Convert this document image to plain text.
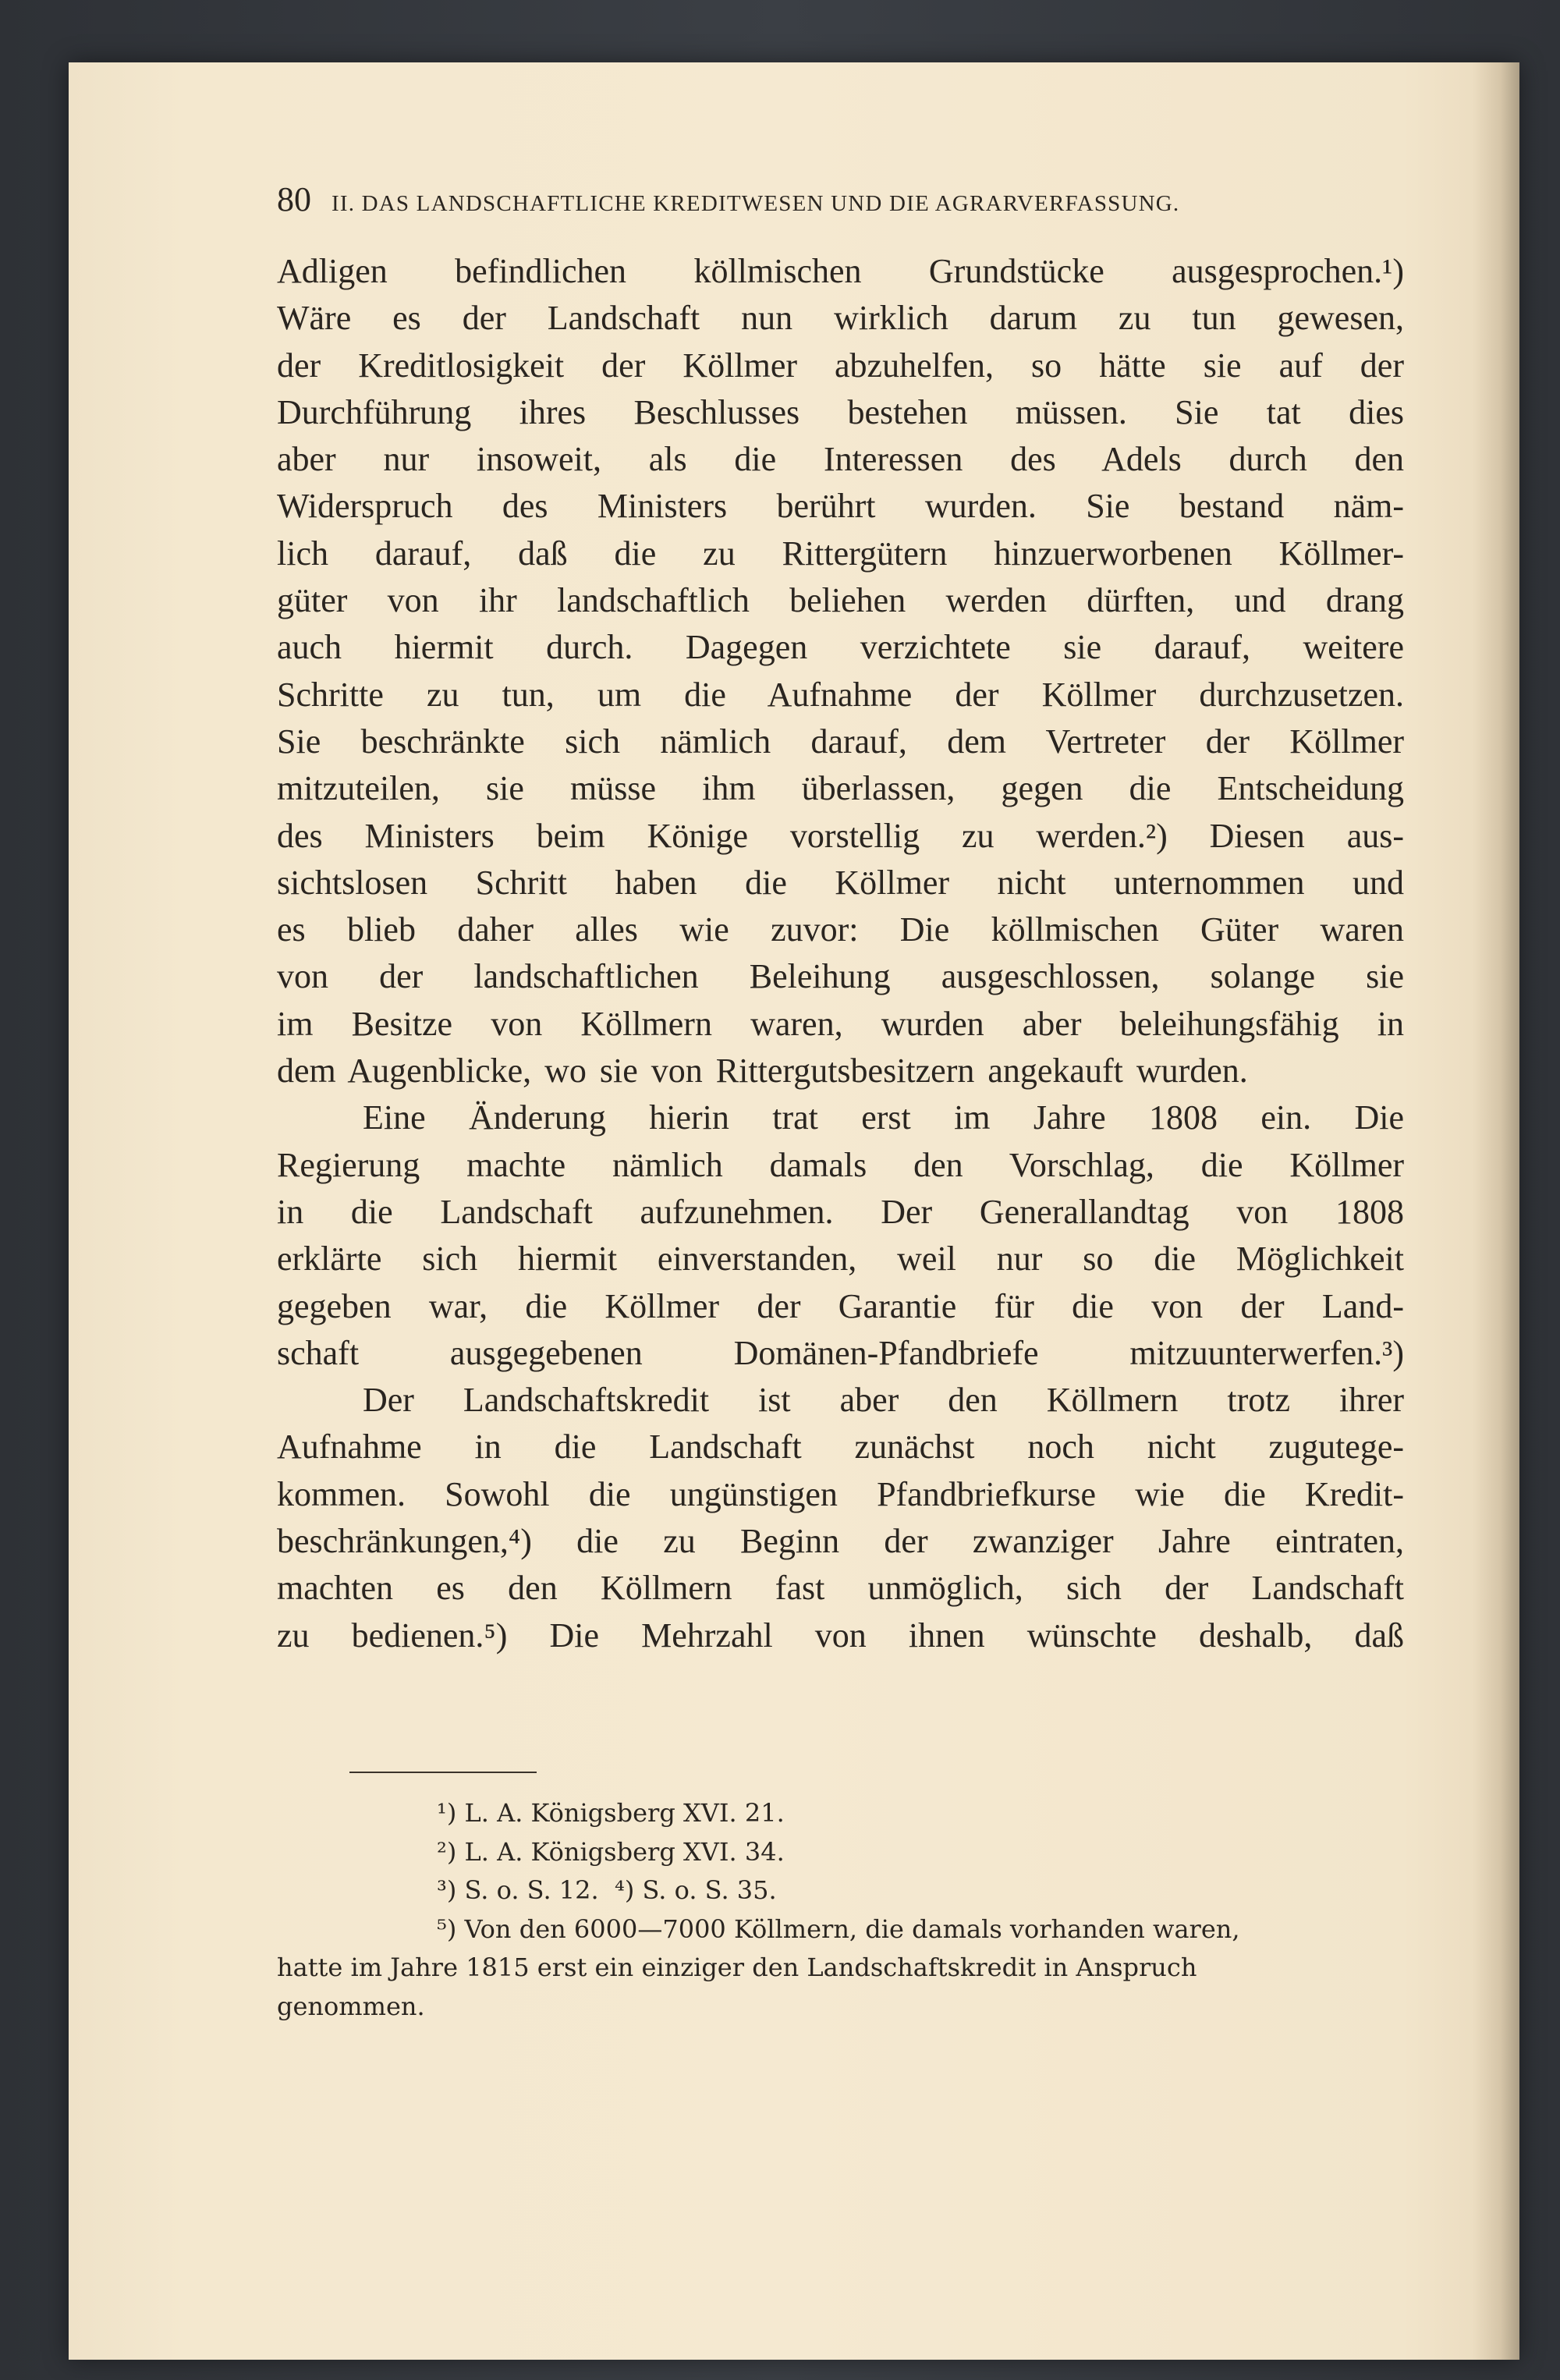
80 II. DAS LANDSCHAFTLICHE KREDITWESEN UND DIE AGRARVERFASSUNG.
Adligen befindlichen köllmischen Grundstücke ausgesprochen.¹)
Wäre es der Landschaft nun wirklich darum zu tun gewesen,
der Kreditlosigkeit der Köllmer abzuhelfen, so hätte sie auf der
Durchführung ihres Beschlusses bestehen müssen. Sie tat dies
aber nur insoweit, als die Interessen des Adels durch den
Widerspruch des Ministers berührt wurden. Sie bestand näm-
lich darauf, daß die zu Rittergütern hinzuerworbenen Köllmer-
güter von ihr landschaftlich beliehen werden dürften, und drang
auch hiermit durch. Dagegen verzichtete sie darauf, weitere
Schritte zu tun, um die Aufnahme der Köllmer durchzusetzen.
Sie beschränkte sich nämlich darauf, dem Vertreter der Köllmer
mitzuteilen, sie müsse ihm überlassen, gegen die Entscheidung
des Ministers beim Könige vorstellig zu werden.²) Diesen aus-
sichtslosen Schritt haben die Köllmer nicht unternommen und
es blieb daher alles wie zuvor: Die köllmischen Güter waren
von der landschaftlichen Beleihung ausgeschlossen, solange sie
im Besitze von Köllmern waren, wurden aber beleihungsfähig in
dem Augenblicke, wo sie von Rittergutsbesitzern angekauft wurden.
Eine Änderung hierin trat erst im Jahre 1808 ein. Die
Regierung machte nämlich damals den Vorschlag, die Köllmer
in die Landschaft aufzunehmen. Der Generallandtag von 1808
erklärte sich hiermit einverstanden, weil nur so die Möglichkeit
gegeben war, die Köllmer der Garantie für die von der Land-
schaft ausgegebenen Domänen-Pfandbriefe mitzuunterwerfen.³)
Der Landschaftskredit ist aber den Köllmern trotz ihrer
Aufnahme in die Landschaft zunächst noch nicht zugutege-
kommen. Sowohl die ungünstigen Pfandbriefkurse wie die Kredit-
beschränkungen,⁴) die zu Beginn der zwanziger Jahre eintraten,
machten es den Köllmern fast unmöglich, sich der Landschaft
zu bedienen.⁵) Die Mehrzahl von ihnen wünschte deshalb, daß

¹) L. A. Königsberg XVI. 21.

²) L. A. Königsberg XVI. 34.

³) S. o. S. 12. ⁴) S. o. S. 35.

⁵) Von den 6000—7000 Köllmern, die damals vorhanden waren,

hatte im Jahre 1815 erst ein einziger den Landschaftskredit in Anspruch

genommen.
